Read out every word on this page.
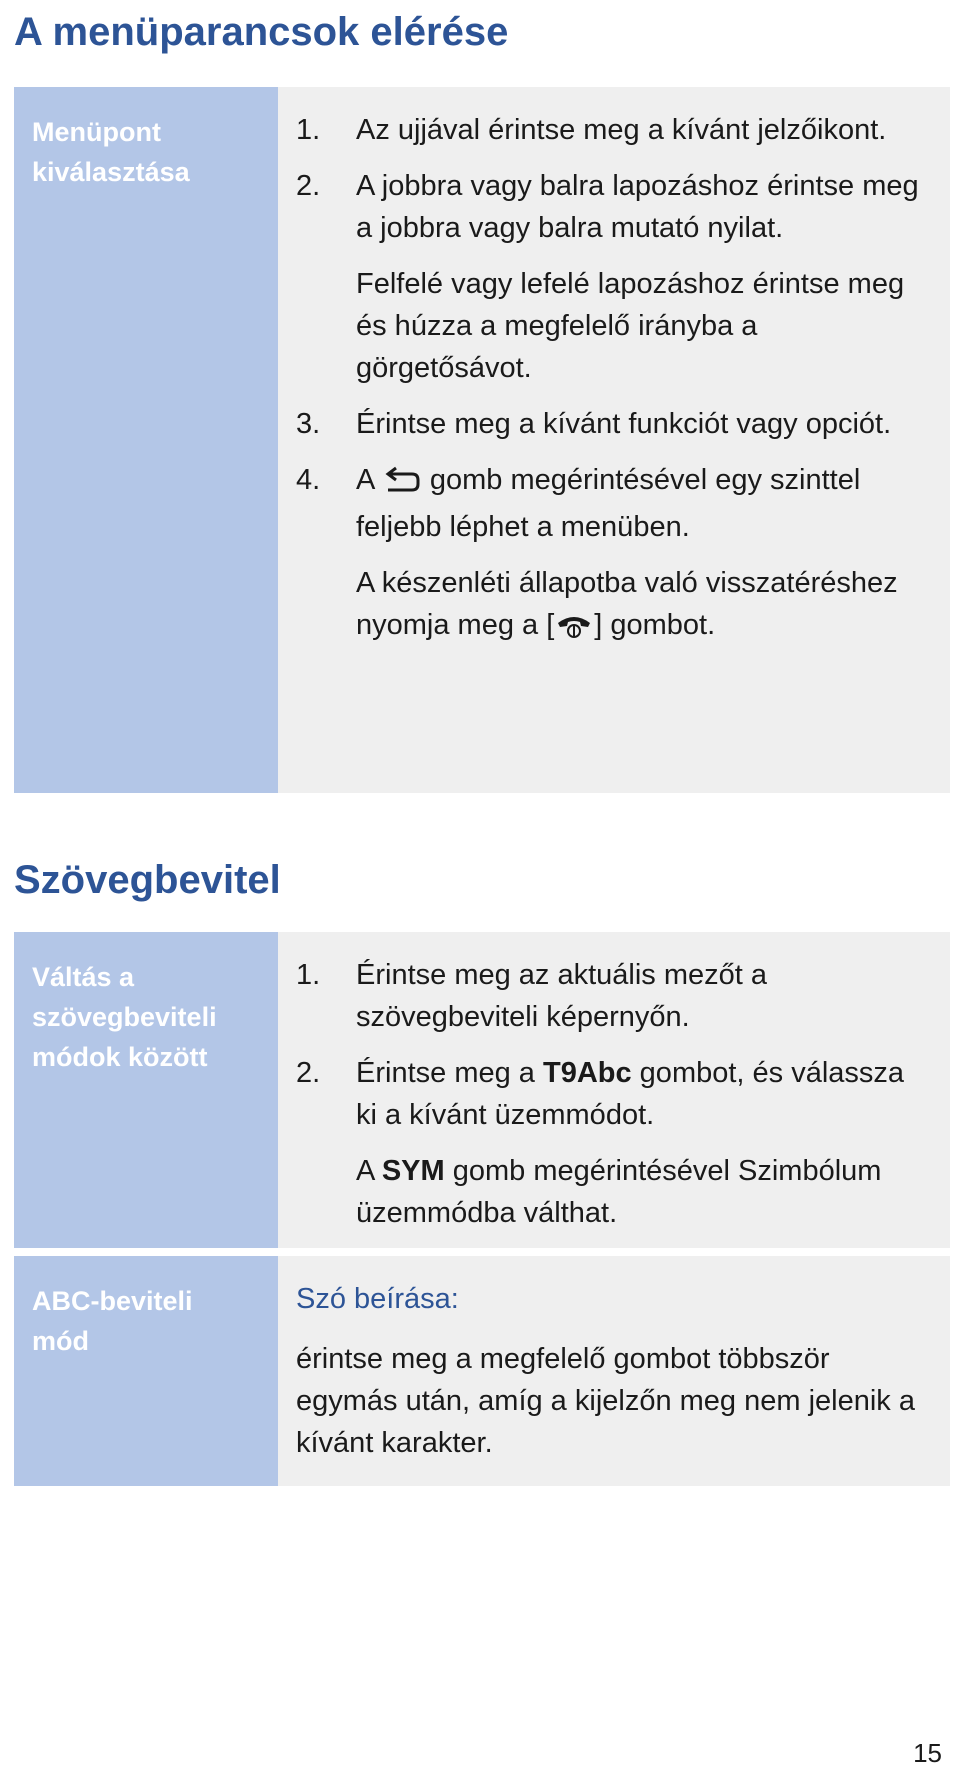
A menüparancsok elérése
Menüpont
kiválasztása
1.	Az ujjával érintse meg a kívánt jelzőikont.

2.	A jobbra vagy balra lapozáshoz érintse meg a jobbra vagy balra mutató nyilat.

Felfelé vagy lefelé lapozáshoz érintse meg és húzza a megfelelő irányba a görgetősávot.

3.	Érintse meg a kívánt funkciót vagy opciót.

4.	A gomb megérintésével egy szinttel feljebb léphet a menüben.

A készenléti állapotba való visszatéréshez nyomja meg a [ ] gombot.

Szövegbevitel
Váltás a
szövegbeviteli
módok között
1.	Érintse meg az aktuális mezőt a szövegbeviteli képernyőn.

2.	Érintse meg a T9Abc gombot, és válassza ki a kívánt üzemmódot.

A SYM gomb megérintésével Szimbólum üzemmódba válthat.

ABC-beviteli
mód

Szó beírása:

érintse meg a megfelelő gombot többször egymás után, amíg a kijelzőn meg nem jelenik a kívánt karakter.

15
